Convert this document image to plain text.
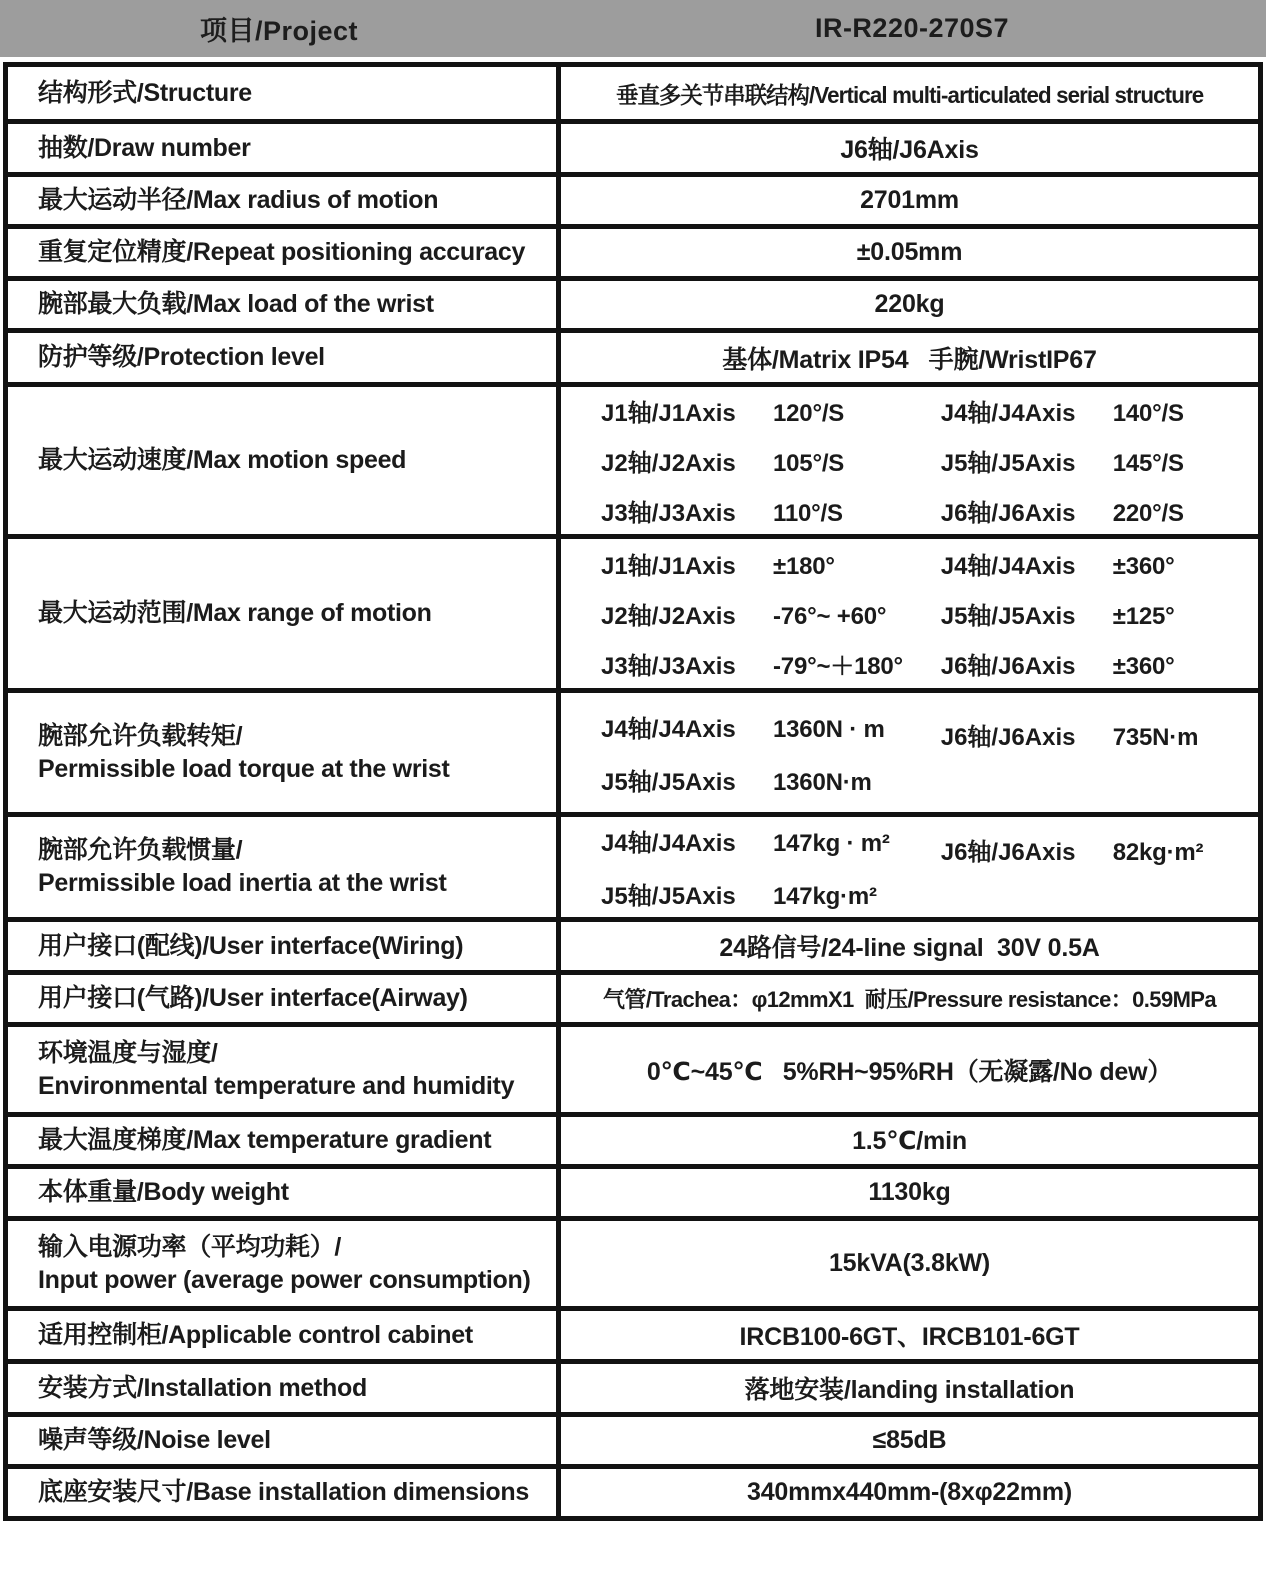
项目/Project	IR-R220-270S7
结构形式/Structure	垂直多关节串联结构/Vertical multi-articulated serial structure
抽数/Draw number	J6轴/J6Axis
最大运动半径/Max radius of motion	2701mm
重复定位精度/Repeat positioning accuracy	±0.05mm
腕部最大负载/Max load of the wrist	220kg
防护等级/Protection level	基体/Matrix IP54   手腕/WristIP67
最大运动速度/Max motion speed
J1轴/J1Axis	120°/S
J2轴/J2Axis	105°/S
J3轴/J3Axis	110°/S
J4轴/J4Axis	140°/S
J5轴/J5Axis	145°/S
J6轴/J6Axis	220°/S
最大运动范围/Max range of motion
J1轴/J1Axis	±180°
J2轴/J2Axis	-76°~ +60°
J3轴/J3Axis	-79°~＋180°
J4轴/J4Axis	±360°
J5轴/J5Axis	±125°
J6轴/J6Axis	±360°
腕部允许负载转矩/
Permissible load torque at the wrist
J4轴/J4Axis	1360N · m
J5轴/J5Axis	1360N·m
J6轴/J6Axis	735N·m
腕部允许负载惯量/
Permissible load inertia at the wrist
J4轴/J4Axis	147kg · m²
J5轴/J5Axis	147kg·m²
J6轴/J6Axis	82kg·m²
用户接口(配线)/User interface(Wiring)	24路信号/24-line signal  30V 0.5A
用户接口(气路)/User interface(Airway)	气管/Trachea：φ12mmX1  耐压/Pressure resistance：0.59MPa
环境温度与湿度/
Environmental temperature and humidity	0℃~45℃   5%RH~95%RH（无凝露/No dew）
最大温度梯度/Max temperature gradient	1.5℃/min
本体重量/Body weight	1130kg
输入电源功率（平均功耗）/
Input power (average power consumption)
15kVA(3.8kW)
适用控制柜/Applicable control cabinet	IRCB100-6GT、IRCB101-6GT
安装方式/Installation method	落地安装/landing installation
噪声等级/Noise level	≤85dB
底座安装尺寸/Base installation dimensions	340mmx440mm-(8xφ22mm)
